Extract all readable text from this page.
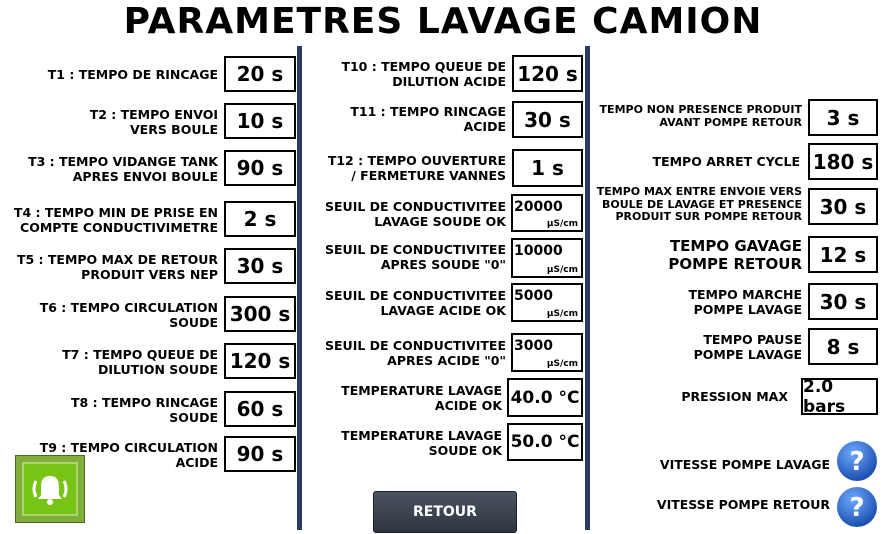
PARAMETRES LAVAGE CAMION
T1 : TEMPO DE RINCAGE 20 s
T2 : TEMPO ENVOI
VERS BOULE 10 s
T3 : TEMPO VIDANGE TANK
APRES ENVOI BOULE 90 s
T4 : TEMPO MIN DE PRISE EN
COMPTE CONDUCTIVIMETRE	2 s
T5 : TEMPO MAX DE RETOUR
PRODUIT VERS NEP 30 s
T6 : TEMPO CIRCULATION
SOUDE 300 s
T7 : TEMPO QUEUE DE
DILUTION SOUDE 120 s
T8 : TEMPO RINCAGE
SOUDE 60 s
T9 : TEMPO CIRCULATION
ACIDE 90 s
T10 : TEMPO QUEUE DE
DILUTION ACIDE 120 s
T11 : TEMPO RINCAGE
ACIDE 30 s
T12 : TEMPO OUVERTURE
/ FERMETURE VANNES	1 s
SEUIL DE CONDUCTIVITEE
LAVAGE SOUDE OK
20000
µS/cm
SEUIL DE CONDUCTIVITEE
APRES SOUDE "0"
10000
µS/cm
SEUIL DE CONDUCTIVITEE
LAVAGE ACIDE OK
5000
µS/cm
SEUIL DE CONDUCTIVITEE
APRES ACIDE "0"
3000
µS/cm
TEMPERATURE LAVAGE
ACIDE OK 40.0 °C
TEMPERATURE LAVAGE
SOUDE OK 50.0 °C
RETOUR
TEMPO NON PRESENCE PRODUIT
AVANT POMPE RETOUR	3 s
TEMPO ARRET CYCLE 180 s
TEMPO MAX ENTRE ENVOIE VERS
BOULE DE LAVAGE ET PRESENCE
PRODUIT SUR POMPE RETOUR 30 s
TEMPO GAVAGE
POMPE RETOUR 12 s
TEMPO MARCHE
POMPE LAVAGE 30 s
TEMPO PAUSE
POMPE LAVAGE	8 s
PRESSION MAX 2.0 bars
VITESSE POMPE LAVAGE ?
VITESSE POMPE RETOUR ?
